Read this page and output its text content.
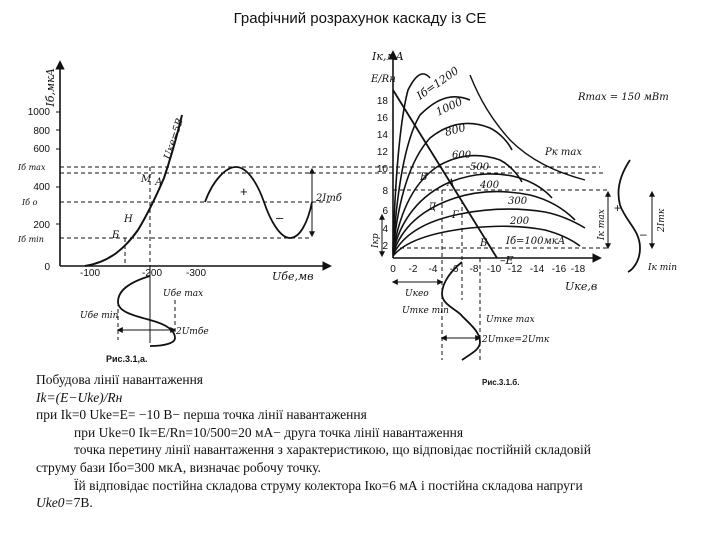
Графічний розрахунок каскаду із СЕ
Iб,мкА
Uбе,мв
1000
800
600
400
200
0
Iб max
Iб о
Iб min
Uке=5В
А
М
Н
Б
-100	-200 -300
+
–
2Iтб
Uбе max
Uбе min
2Uтбе
Рис.3.1,а.
Iк,мА
E/Rн
18
16
14
12
10
8
6
4
2
0 -2 -4 -6 -8 -10 -12 -14 -16 -18
Uке,в
Iб=1200
1000
800
600
500
400
300
200
Iб=100мкА
Rmax = 150 мВт
Pк max
–E
А
В
Д
Г
Б
Iкр
Iк max	2Iтк
+
–
Iк min
Uкео
Uтке min
Uтке max
2Uтке=2Uтк
Рис.3.1.б.
Побудова лінії навантаження
Ik=(E−Uke)/Rн
при Ik=0 Uke=E= −10 В− перша точка лінії навантаження
при Uke=0 Ik=E/Rn=10/500=20 мА− друга точка лінії навантаження
точка перетину лінії навантаження з характеристикою, що відповідає постійній складовій
струму бази Iбо=300 мкА, визначає робочу точку.
Їй відповідає постійна складова струму колектора Iко=6 мА і постійна складова напруги
Uke0=7В.
